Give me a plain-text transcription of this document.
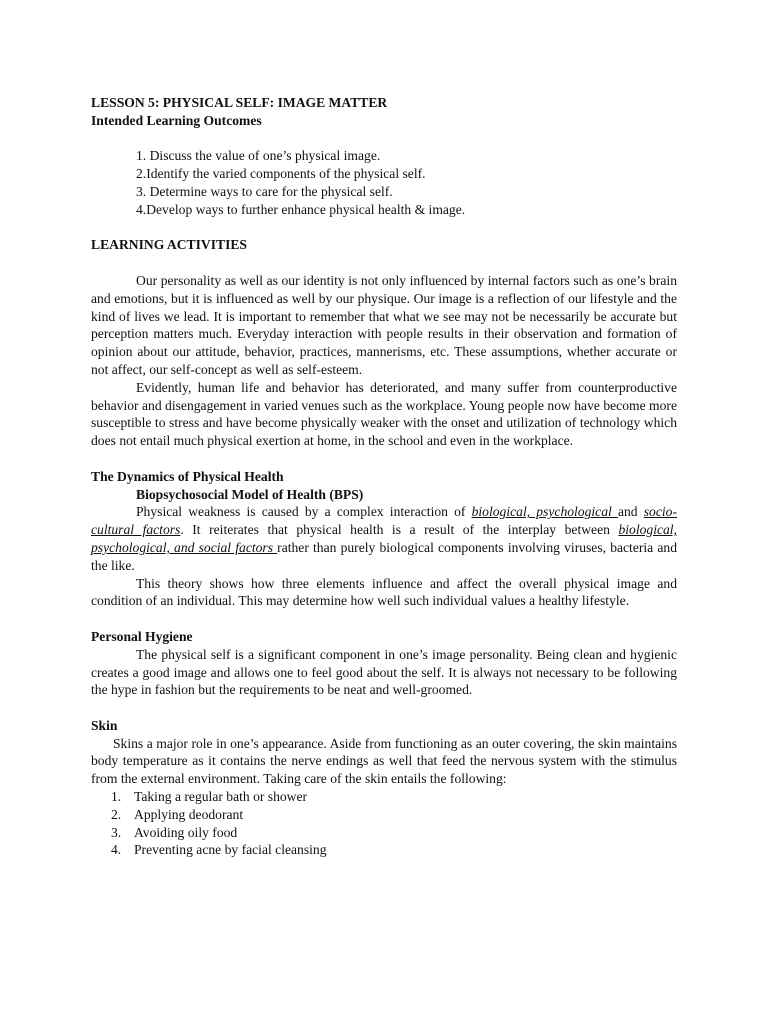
LESSON 5: PHYSICAL SELF: IMAGE MATTER
Intended Learning Outcomes
1. Discuss the value of one’s physical image.
2.Identify the varied components of the physical self.
3. Determine ways to care for the physical self.
4.Develop ways to further enhance physical health & image.
LEARNING ACTIVITIES

Our personality as well as our identity is not only influenced by internal factors such as one’s brain and emotions, but it is influenced as well by our physique. Our image is a reflection of our lifestyle and the kind of lives we lead. It is important to remember that what we see may not be necessarily be accurate but perception matters much. Everyday interaction with people results in their observation and formation of opinion about our attitude, behavior, practices, mannerisms, etc. These assumptions, whether accurate or not affect, our self-concept as well as self-esteem.

Evidently, human life and behavior has deteriorated, and many suffer from counterproductive behavior and disengagement in varied venues such as the workplace. Young people now have become more susceptible to stress and have become physically weaker with the onset and utilization of technology which does not entail much physical exertion at home, in the school and even in the workplace.

The Dynamics of Physical Health
Biopsychosocial Model of Health (BPS)

Physical weakness is caused by a complex interaction of biological, psychological and socio-cultural factors. It reiterates that physical health is a result of the interplay between biological, psychological, and social factors rather than purely biological components involving viruses, bacteria and the like.

This theory shows how three elements influence and affect the overall physical image and condition of an individual. This may determine how well such individual values a healthy lifestyle.

Personal Hygiene

The physical self is a significant component in one’s image personality. Being clean and hygienic creates a good image and allows one to feel good about the self. It is always not necessary to be following the hype in fashion but the requirements to be neat and well-groomed.

Skin

Skins a major role in one’s appearance. Aside from functioning as an outer covering, the skin maintains body temperature as it contains the nerve endings as well that feed the nervous system with the stimulus from the external environment. Taking care of the skin entails the following:

1. Taking a regular bath or shower
2. Applying deodorant
3. Avoiding oily food
4. Preventing acne by facial cleansing
